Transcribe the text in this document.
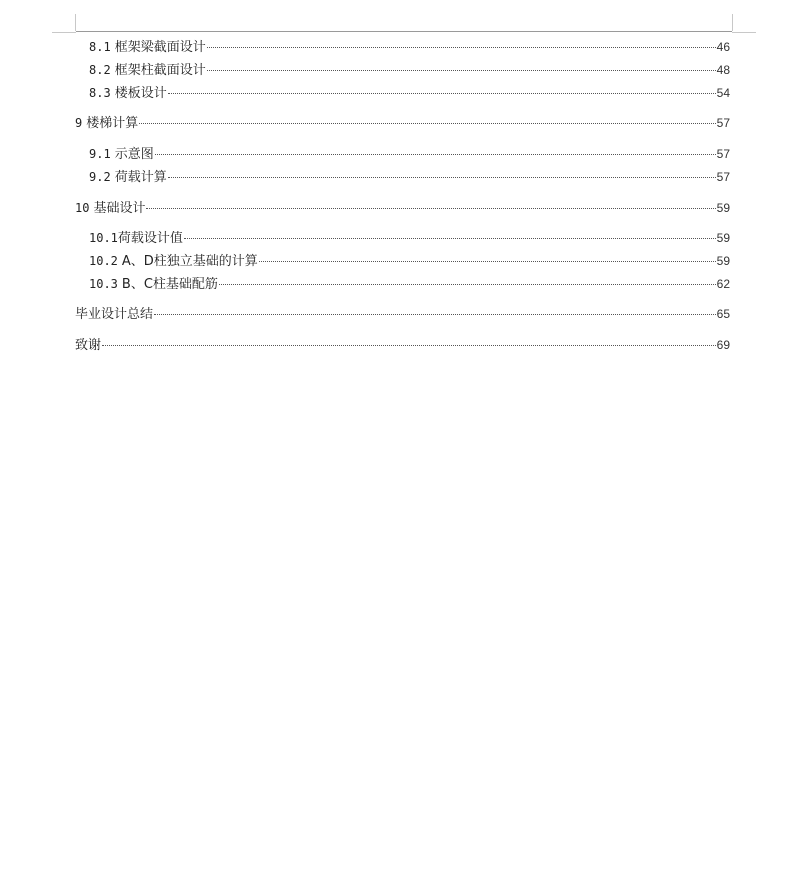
8.1 框架梁截面设计	46
8.2 框架柱截面设计	48
8.3 楼板设计	54
9 楼梯计算	57
9.1 示意图	57
9.2 荷载计算	57
10 基础设计	59
10.1 荷载设计值	59
10.2 A、D柱独立基础的计算	59
10.3 B、C柱基础配筋	62
毕业设计总结	65
致谢	69
